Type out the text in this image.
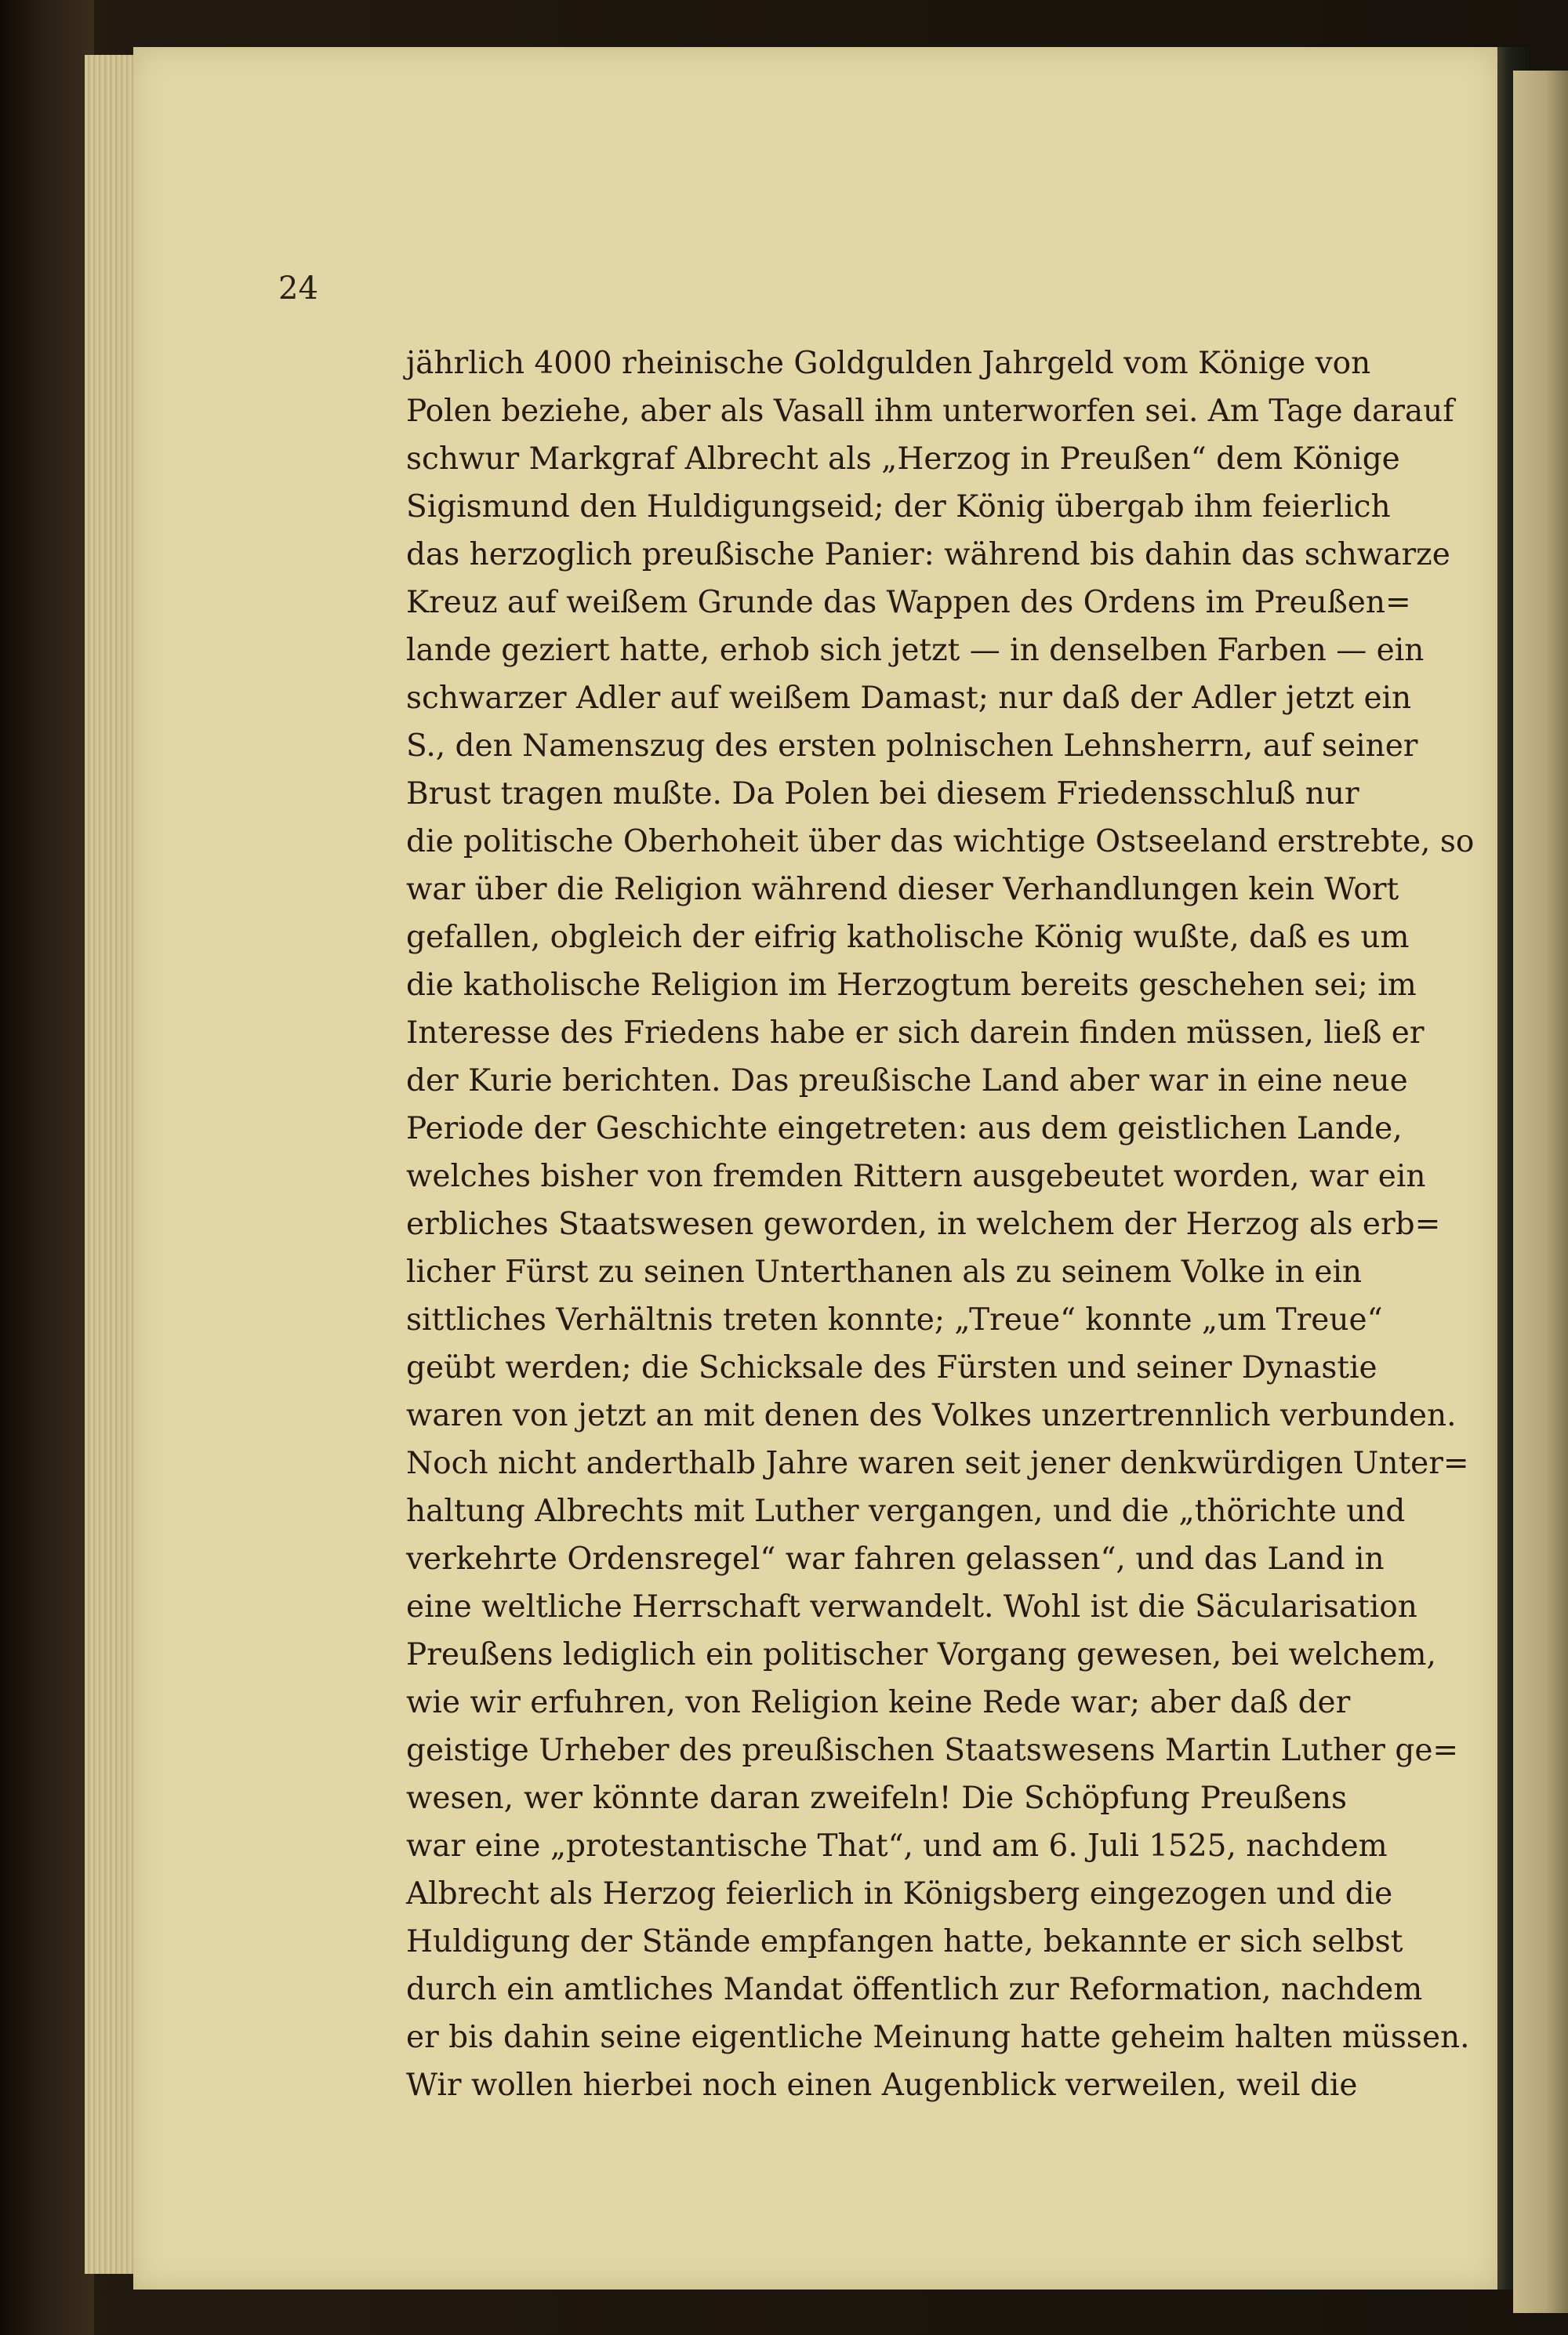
24
jährlich 4000 rheinische Goldgulden Jahrgeld vom Könige von
Polen beziehe, aber als Vasall ihm unterworfen sei. Am Tage darauf
schwur Markgraf Albrecht als „Herzog in Preußen“ dem Könige
Sigismund den Huldigungseid; der König übergab ihm feierlich
das herzoglich preußische Panier: während bis dahin das schwarze
Kreuz auf weißem Grunde das Wappen des Ordens im Preußen=
lande geziert hatte, erhob sich jetzt — in denselben Farben — ein
schwarzer Adler auf weißem Damast; nur daß der Adler jetzt ein
S., den Namenszug des ersten polnischen Lehnsherrn, auf seiner
Brust tragen mußte. Da Polen bei diesem Friedensschluß nur
die politische Oberhoheit über das wichtige Ostseeland erstrebte, so
war über die Religion während dieser Verhandlungen kein Wort
gefallen, obgleich der eifrig katholische König wußte, daß es um
die katholische Religion im Herzogtum bereits geschehen sei; im
Interesse des Friedens habe er sich darein finden müssen, ließ er
der Kurie berichten. Das preußische Land aber war in eine neue
Periode der Geschichte eingetreten: aus dem geistlichen Lande,
welches bisher von fremden Rittern ausgebeutet worden, war ein
erbliches Staatswesen geworden, in welchem der Herzog als erb=
licher Fürst zu seinen Unterthanen als zu seinem Volke in ein
sittliches Verhältnis treten konnte; „Treue“ konnte „um Treue“
geübt werden; die Schicksale des Fürsten und seiner Dynastie
waren von jetzt an mit denen des Volkes unzertrennlich verbunden.
Noch nicht anderthalb Jahre waren seit jener denkwürdigen Unter=
haltung Albrechts mit Luther vergangen, und die „thörichte und
verkehrte Ordensregel“ war fahren gelassen“, und das Land in
eine weltliche Herrschaft verwandelt. Wohl ist die Säcularisation
Preußens lediglich ein politischer Vorgang gewesen, bei welchem,
wie wir erfuhren, von Religion keine Rede war; aber daß der
geistige Urheber des preußischen Staatswesens Martin Luther ge=
wesen, wer könnte daran zweifeln! Die Schöpfung Preußens
war eine „protestantische That“, und am 6. Juli 1525, nachdem
Albrecht als Herzog feierlich in Königsberg eingezogen und die
Huldigung der Stände empfangen hatte, bekannte er sich selbst
durch ein amtliches Mandat öffentlich zur Reformation, nachdem
er bis dahin seine eigentliche Meinung hatte geheim halten müssen.
Wir wollen hierbei noch einen Augenblick verweilen, weil die
